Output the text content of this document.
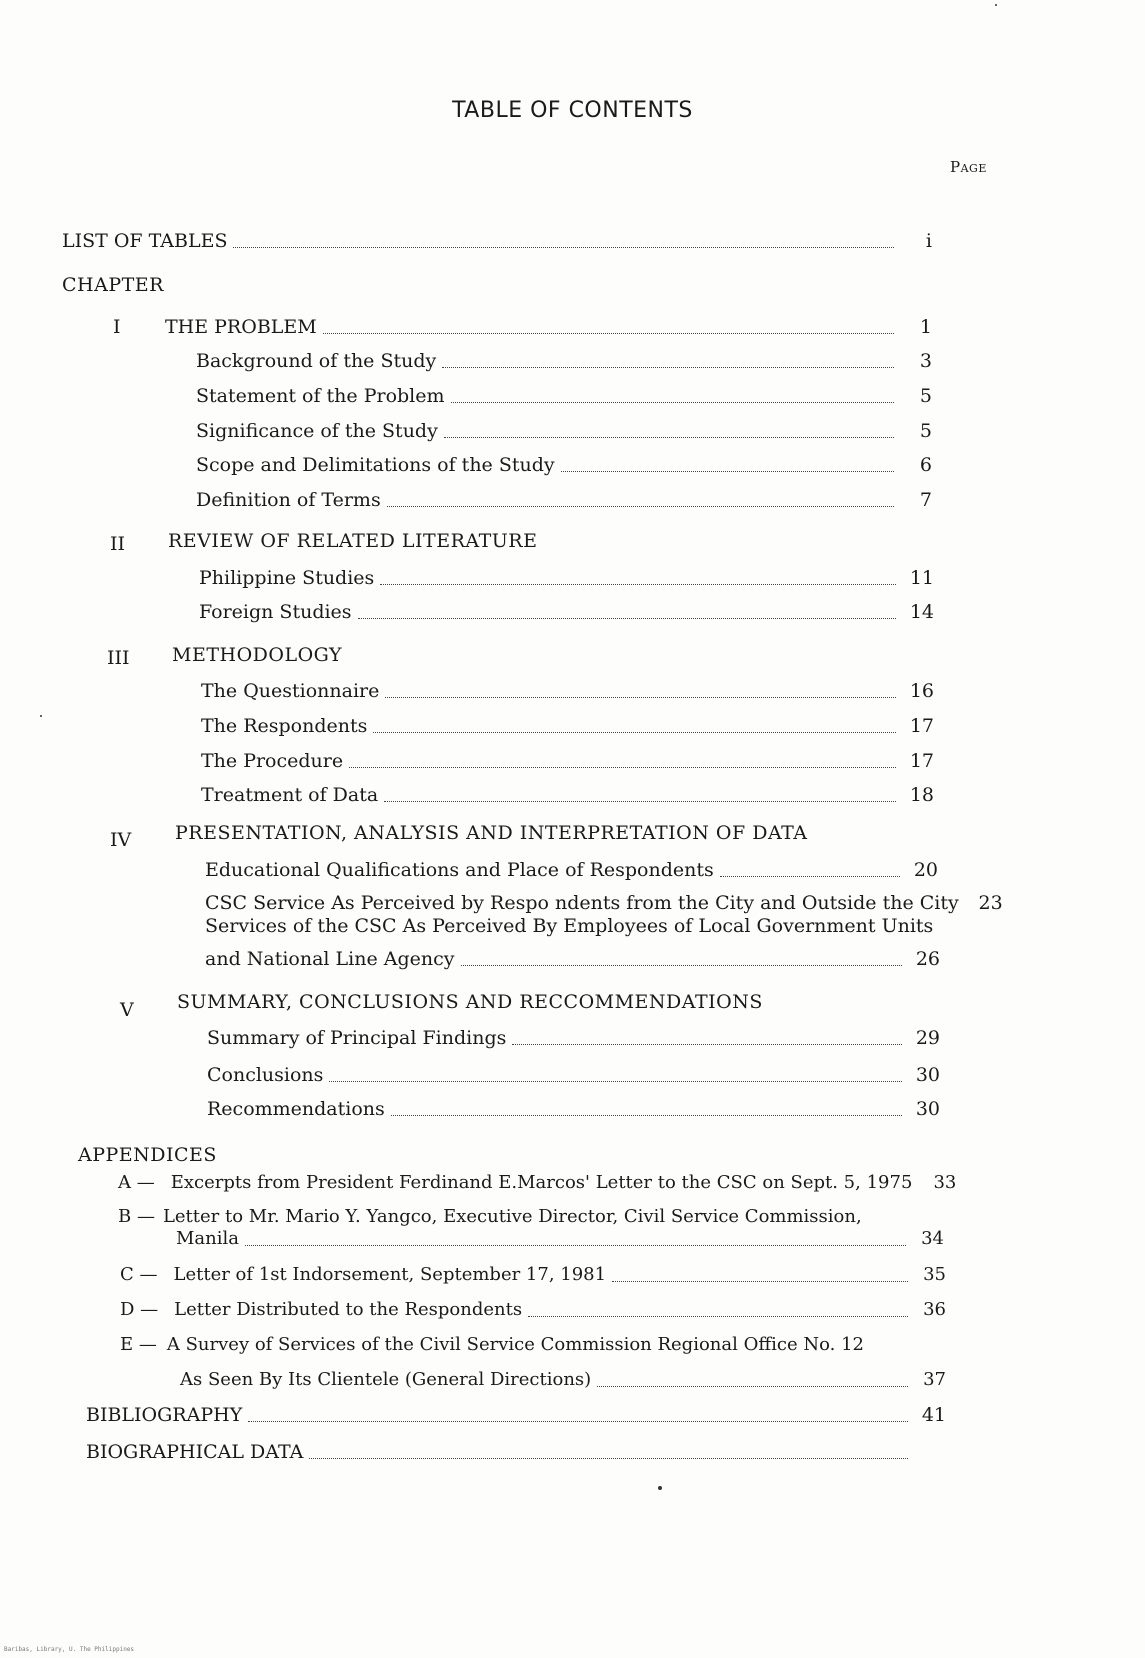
TABLE OF CONTENTS
Page
LIST OF TABLES	i
CHAPTER
I THE PROBLEM	1
Background of the Study	3
Statement of the Problem	5
Significance of the Study	5
Scope and Delimitations of the Study	6
Definition of Terms	7
II REVIEW OF RELATED LITERATURE
Philippine Studies	11
Foreign Studies	14
III METHODOLOGY
The Questionnaire	16
The Respondents	17
The Procedure	17
Treatment of Data	18
IV PRESENTATION, ANALYSIS AND INTERPRETATION OF DATA
Educational Qualifications and Place of Respondents	20
CSC Service As Perceived by Respo ndents from the City and Outside the City	23
Services of the CSC As Perceived By Employees of Local Government Units
and National Line Agency	26
V SUMMARY, CONCLUSIONS AND RECCOMMENDATIONS
Summary of Principal Findings	29
Conclusions	30
Recommendations	30
APPENDICES
A — Excerpts from President Ferdinand E.Marcos' Letter to the CSC on Sept. 5, 1975	33
B — Letter to Mr. Mario Y. Yangco, Executive Director, Civil Service Commission,
Manila	34
C — Letter of 1st Indorsement, September 17, 1981	35
D — Letter Distributed to the Respondents	36
E — A Survey of Services of the Civil Service Commission Regional Office No. 12
As Seen By Its Clientele (General Directions)	37
BIBLIOGRAPHY	41
BIOGRAPHICAL DATA
Baribas, Library, U. The Philippines
